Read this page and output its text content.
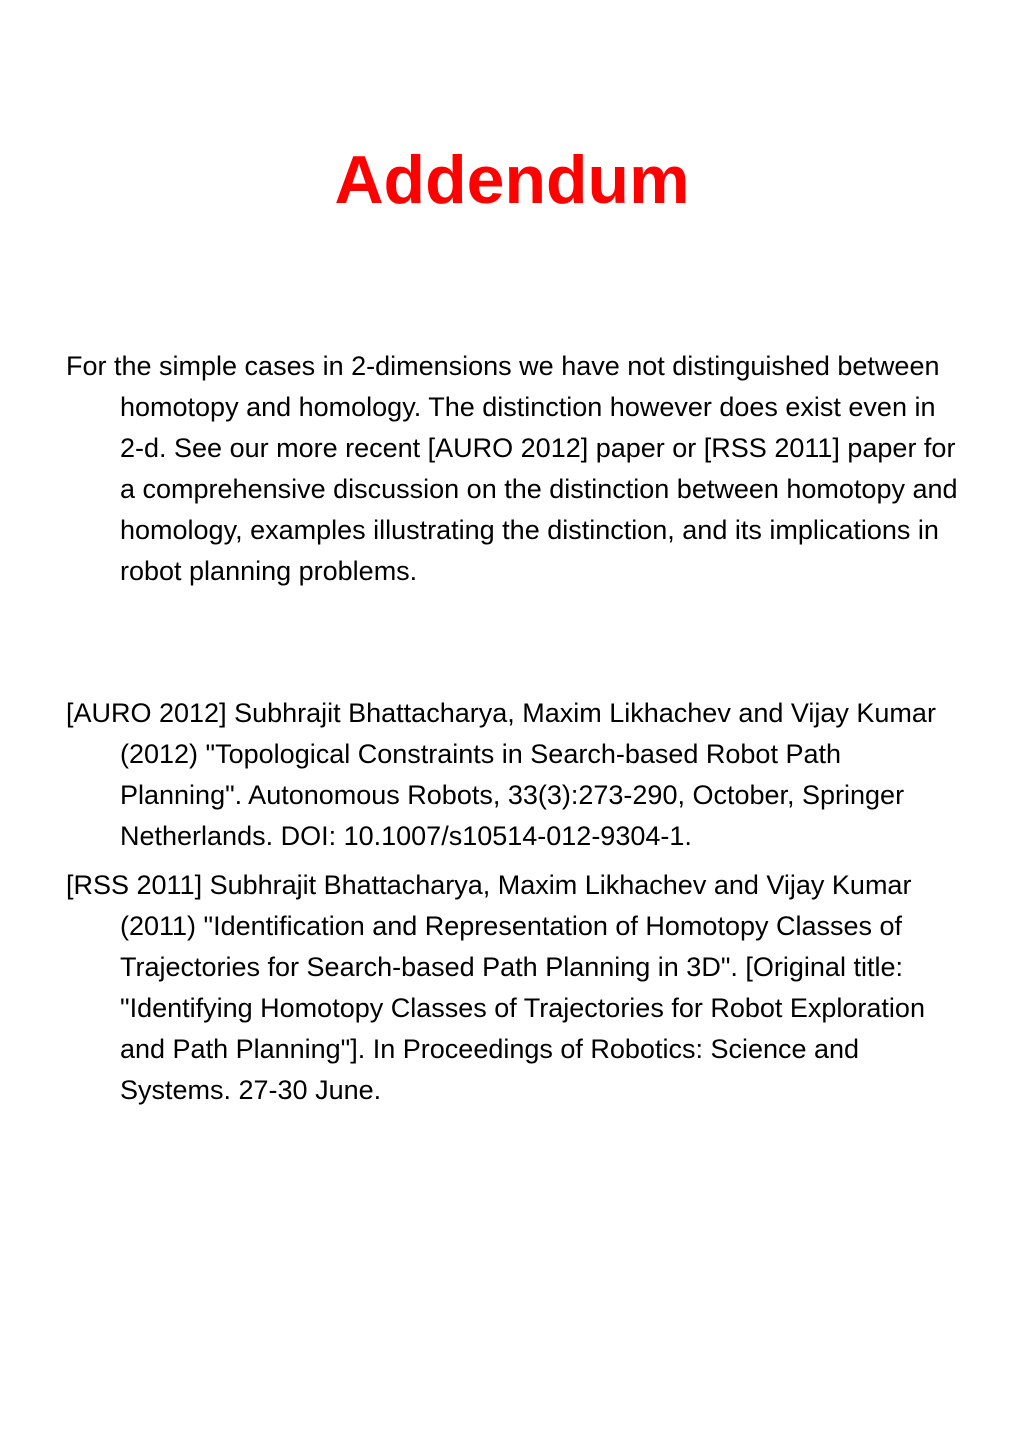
Addendum

For the simple cases in 2-dimensions we have not distinguished between homotopy and homology. The distinction however does exist even in 2-d. See our more recent [AURO 2012] paper or [RSS 2011] paper for a comprehensive discussion on the distinction between homotopy and homology, examples illustrating the distinction, and its implications in robot planning problems.

[AURO 2012] Subhrajit Bhattacharya, Maxim Likhachev and Vijay Kumar (2012) "Topological Constraints in Search-based Robot Path Planning". Autonomous Robots, 33(3):273-290, October, Springer Netherlands. DOI: 10.1007/s10514-012-9304-1.

[RSS 2011] Subhrajit Bhattacharya, Maxim Likhachev and Vijay Kumar (2011) "Identification and Representation of Homotopy Classes of Trajectories for Search-based Path Planning in 3D". [Original title: "Identifying Homotopy Classes of Trajectories for Robot Exploration and Path Planning"]. In Proceedings of Robotics: Science and Systems. 27-30 June.
